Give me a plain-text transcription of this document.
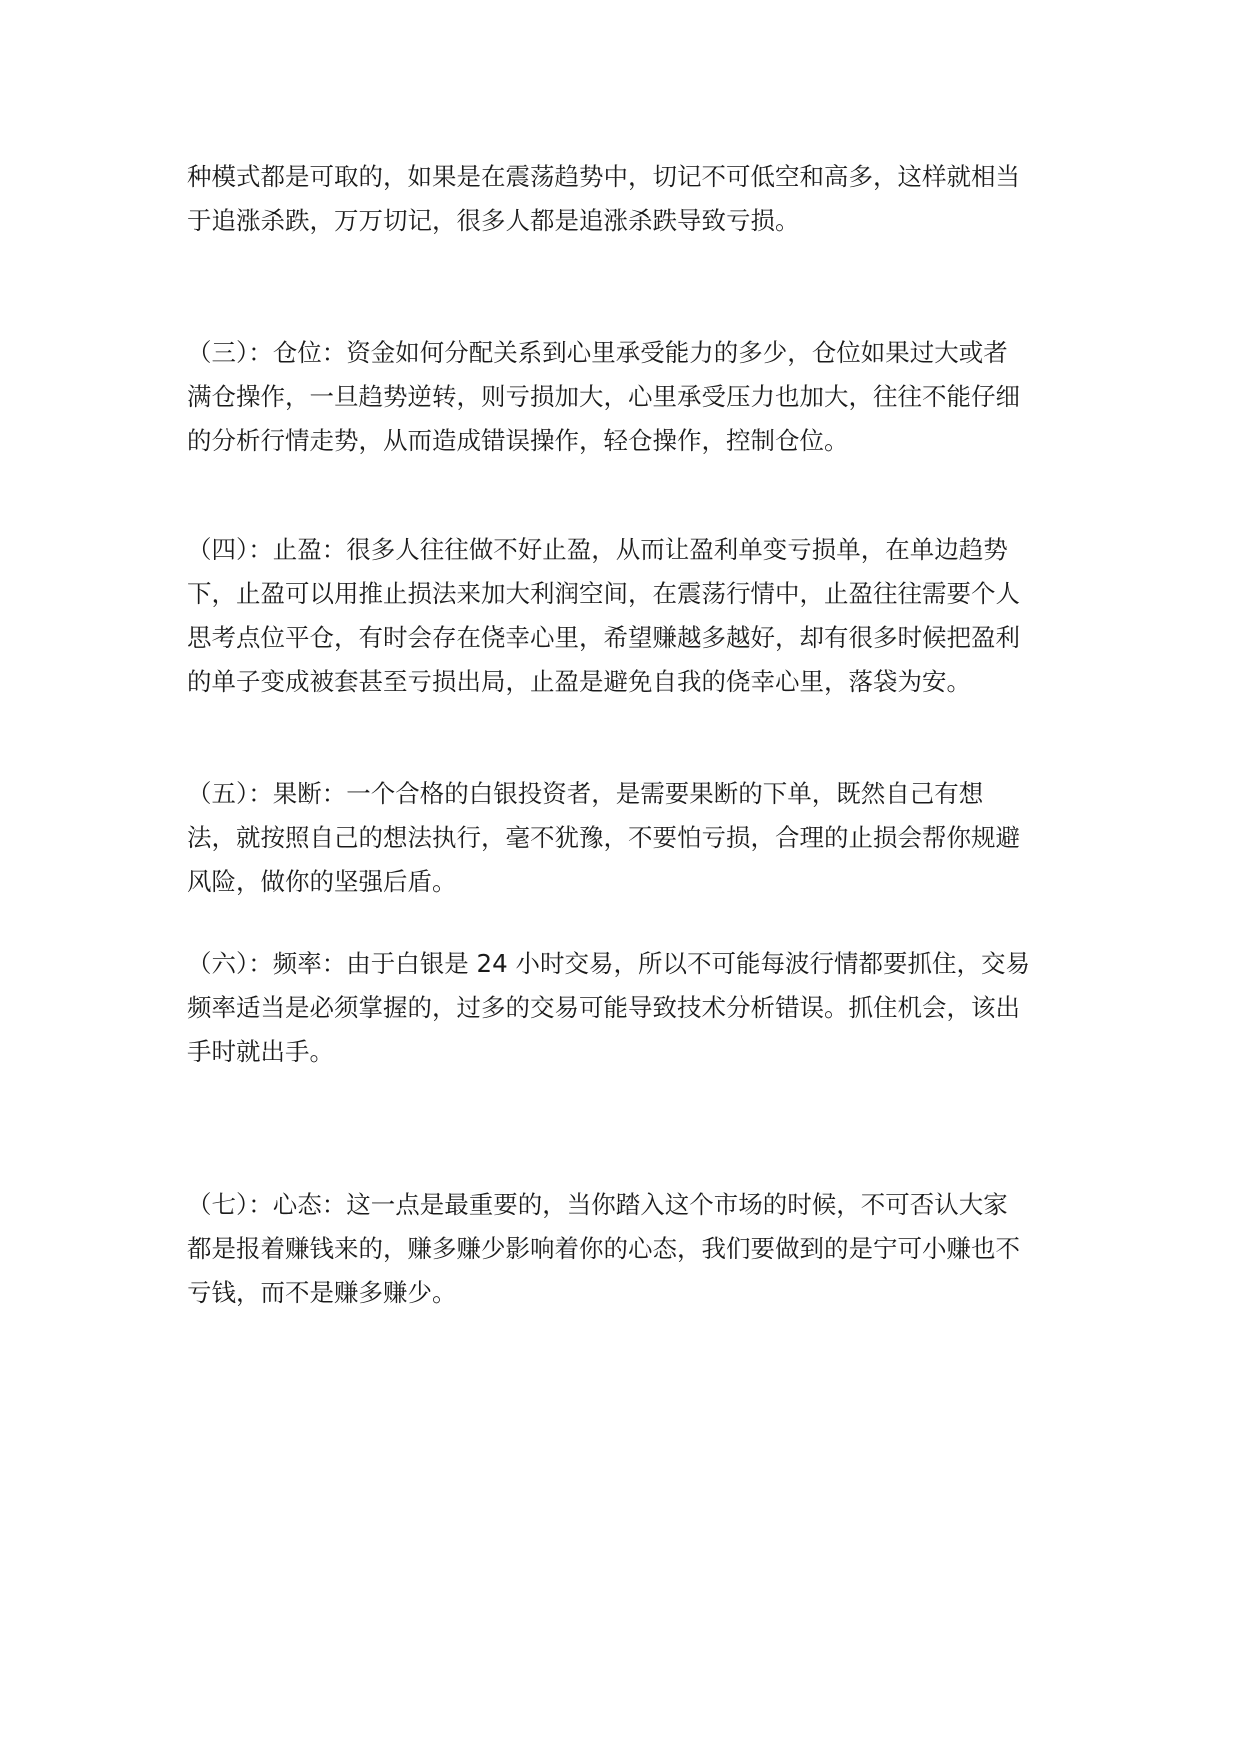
种模式都是可取的，如果是在震荡趋势中，切记不可低空和高多，这样就相当
于追涨杀跌，万万切记，很多人都是追涨杀跌导致亏损。
（三）：仓位：资金如何分配关系到心里承受能力的多少，仓位如果过大或者
满仓操作，一旦趋势逆转，则亏损加大，心里承受压力也加大，往往不能仔细
的分析行情走势，从而造成错误操作，轻仓操作，控制仓位。
（四）：止盈：很多人往往做不好止盈，从而让盈利单变亏损单，在单边趋势
下，止盈可以用推止损法来加大利润空间，在震荡行情中，止盈往往需要个人
思考点位平仓，有时会存在侥幸心里，希望赚越多越好，却有很多时候把盈利
的单子变成被套甚至亏损出局，止盈是避免自我的侥幸心里，落袋为安。
（五）：果断：一个合格的白银投资者，是需要果断的下单，既然自己有想
法，就按照自己的想法执行，毫不犹豫，不要怕亏损，合理的止损会帮你规避
风险，做你的坚强后盾。
（六）：频率：由于白银是 24 小时交易，所以不可能每波行情都要抓住，交易
频率适当是必须掌握的，过多的交易可能导致技术分析错误。抓住机会，该出
手时就出手。
（七）：心态：这一点是最重要的，当你踏入这个市场的时候，不可否认大家
都是报着赚钱来的，赚多赚少影响着你的心态，我们要做到的是宁可小赚也不
亏钱，而不是赚多赚少。
